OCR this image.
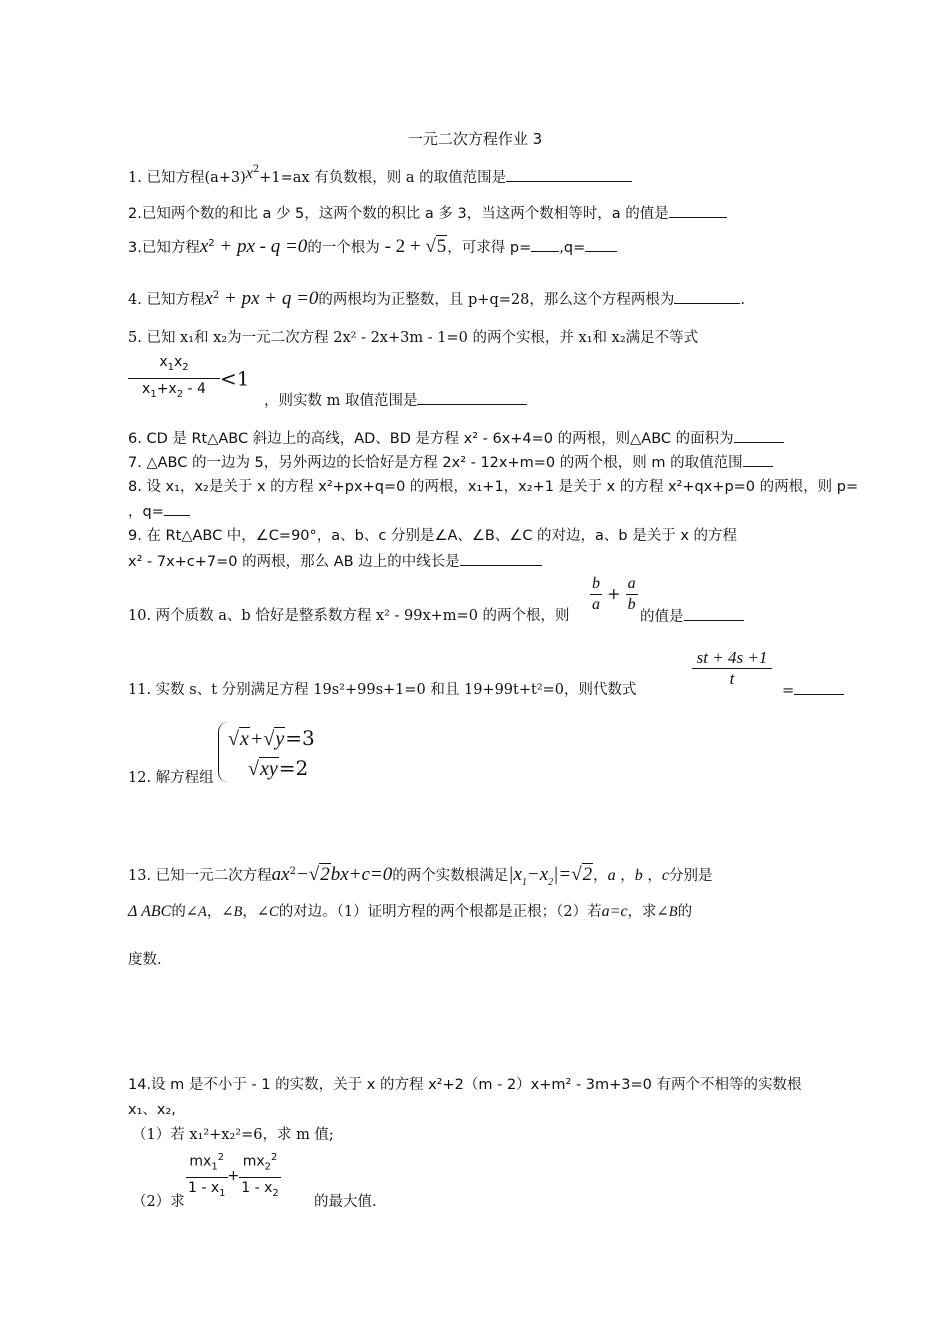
一元二次方程作业 3
1. 已知方程$(a+3)x^2+1=ax$ 有负数根，则 a 的取值范围是
2.已知两个数的和比 a 少 5，这两个数的积比 a 多 3，当这两个数相等时，a 的值是
3.已知方程$x^2$ + px - q =0的一个根为 - 2 + √5，可求得 p= ,q=
4. 已知方程$x^2$ + px + q =0的两根均为正整数，且 p+q=28，那么这个方程两根为	.
5. 已知 x₁和 x₂为一元二次方程 2x² - 2x+3m - 1=0 的两个实根，并 x₁和 x₂满足不等式
$\frac{x_1x_2}{x_1+x_2 - 4} <1$
，则实数 m 取值范围是
6. CD 是 Rt△ABC 斜边上的高线，AD、BD 是方程 x² - 6x+4=0 的两根，则△ABC 的面积为
7. △ABC 的一边为 5，另外两边的长恰好是方程 2x² - 12x+m=0 的两个根，则 m 的取值范围
8. 设 x₁，x₂是关于 x 的方程 x²+px+q=0 的两根，x₁+1，x₂+1 是关于 x 的方程 x²+qx+p=0 的两根，则 p=
，q=
9. 在 Rt△ABC 中，∠C=90°，a、b、c 分别是∠A、∠B、∠C 的对边，a、b 是关于 x 的方程
x² - 7x+c+7=0 的两根，那么 AB 边上的中线长是
10. 两个质数 a、b 恰好是整系数方程 x² - 99x+m=0 的两个根，则
$\frac{b}{a} + \frac{a}{b}$
的值是
11. 实数 s、t 分别满足方程 19s²+99s+1=0 和且 19+99t+t²=0，则代数式
$\frac{st + 4s +1}{t}$
=
12. 解方程组
√x+√y=3
√xy=2
13. 已知一元二次方程$ax^2-√2bx+c=0$的两个实数根满足$|x_1-x_2|=√2$，a ，b ，c分别是
Δ ABC的∠A，∠B，∠C的对边。（1）证明方程的两个根都是正根；（2）若a=c，求∠B的
度数.
14.设 m 是不小于 - 1 的实数，关于 x 的方程 x²+2（m - 2）x+m² - 3m+3=0 有两个不相等的实数根
x₁、x₂,
（1）若 x₁²+x₂²=6，求 m 值;
（2）求 $\frac{mx_1^2}{1 - x_1} + \frac{mx_2^2}{1 - x_2}$ 的最大值.
